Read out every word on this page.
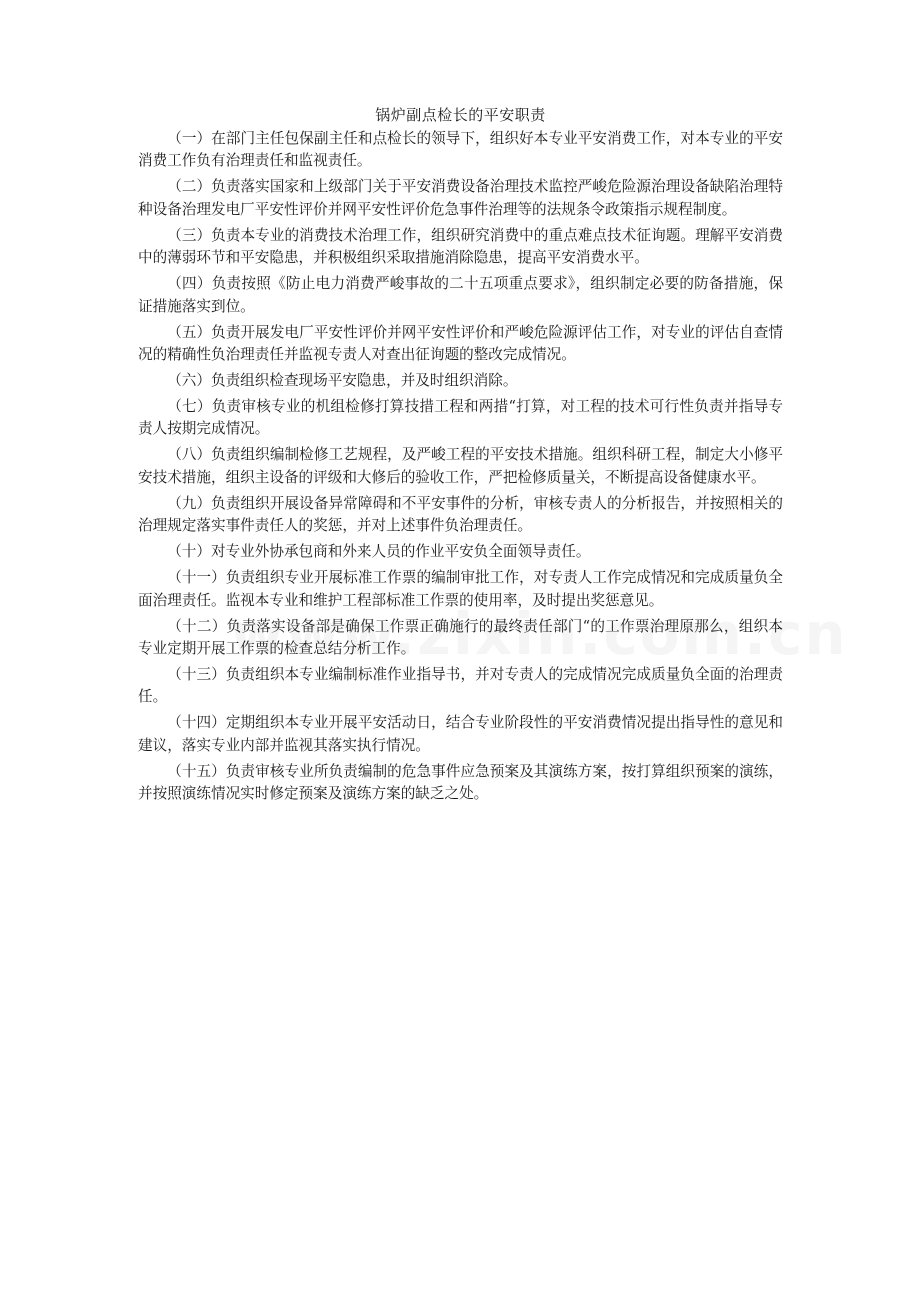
锅炉副点检长的平安职责

（一）在部门主任包保副主任和点检长的领导下，组织好本专业平安消费工作，对本专业的平安消费工作负有治理责任和监视责任。

（二）负责落实国家和上级部门关于平安消费设备治理技术监控严峻危险源治理设备缺陷治理特种设备治理发电厂平安性评价并网平安性评价危急事件治理等的法规条令政策指示规程制度。

（三）负责本专业的消费技术治理工作，组织研究消费中的重点难点技术征询题。理解平安消费中的薄弱环节和平安隐患，并积极组织采取措施消除隐患，提高平安消费水平。

（四）负责按照《防止电力消费严峻事故的二十五项重点要求》，组织制定必要的防备措施，保证措施落实到位。

（五）负责开展发电厂平安性评价并网平安性评价和严峻危险源评估工作，对专业的评估自查情况的精确性负治理责任并监视专责人对查出征询题的整改完成情况。

（六）负责组织检查现场平安隐患，并及时组织消除。

（七）负责审核专业的机组检修打算技措工程和两措“打算，对工程的技术可行性负责并指导专责人按期完成情况。

（八）负责组织编制检修工艺规程，及严峻工程的平安技术措施。组织科研工程，制定大小修平安技术措施，组织主设备的评级和大修后的验收工作，严把检修质量关，不断提高设备健康水平。

（九）负责组织开展设备异常障碍和不平安事件的分析，审核专责人的分析报告，并按照相关的治理规定落实事件责任人的奖惩，并对上述事件负治理责任。

（十）对专业外协承包商和外来人员的作业平安负全面领导责任。

（十一）负责组织专业开展标准工作票的编制审批工作，对专责人工作完成情况和完成质量负全面治理责任。监视本专业和维护工程部标准工作票的使用率，及时提出奖惩意见。

（十二）负责落实设备部是确保工作票正确施行的最终责任部门“的工作票治理原那么，组织本专业定期开展工作票的检查总结分析工作。

（十三）负责组织本专业编制标准作业指导书，并对专责人的完成情况完成质量负全面的治理责任。

（十四）定期组织本专业开展平安活动日，结合专业阶段性的平安消费情况提出指导性的意见和建议，落实专业内部并监视其落实执行情况。

（十五）负责审核专业所负责编制的危急事件应急预案及其演练方案，按打算组织预案的演练，并按照演练情况实时修定预案及演练方案的缺乏之处。
